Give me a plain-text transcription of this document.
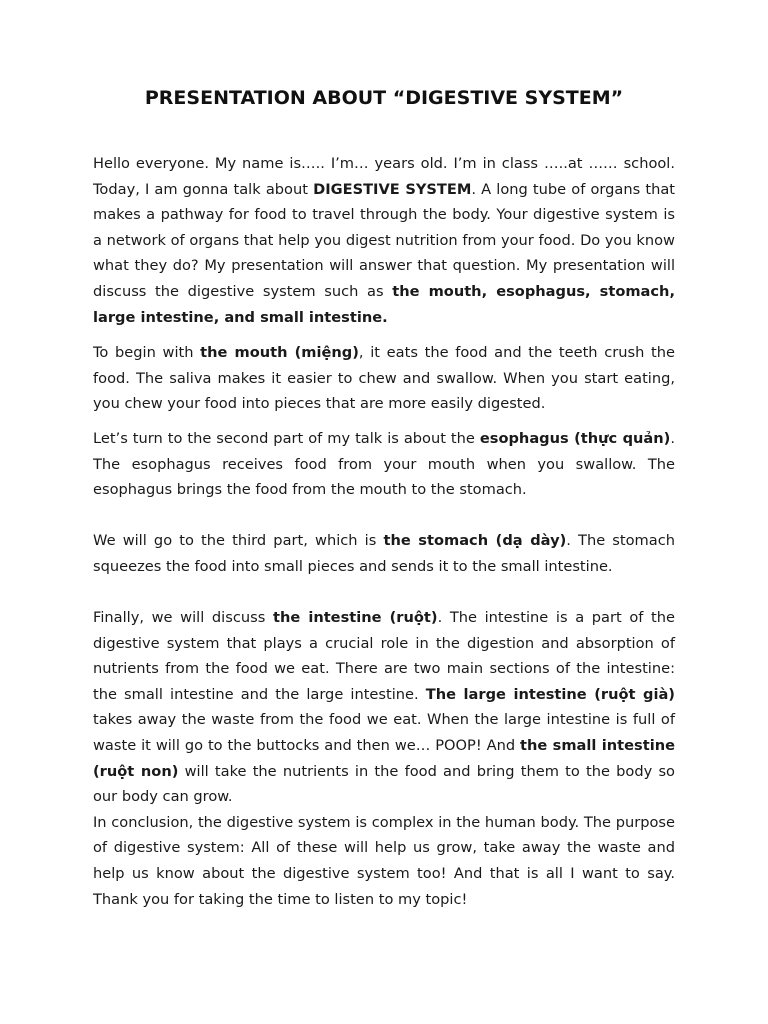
PRESENTATION ABOUT “DIGESTIVE SYSTEM”

Hello everyone. My name is….. I’m… years old. I’m in class …..at …… school. Today, I am gonna talk about DIGESTIVE SYSTEM. A long tube of organs that makes a pathway for food to travel through the body. Your digestive system is a network of organs that help you digest nutrition from your food. Do you know what they do? My presentation will answer that question. My presentation will discuss the digestive system such as the mouth, esophagus, stomach, large intestine, and small intestine.

To begin with the mouth (miệng), it eats the food and the teeth crush the food. The saliva makes it easier to chew and swallow. When you start eating, you chew your food into pieces that are more easily digested.

Let’s turn to the second part of my talk is about the esophagus (thực quản). The esophagus receives food from your mouth when you swallow. The esophagus brings the food from the mouth to the stomach.

We will go to the third part, which is the stomach (dạ dày). The stomach squeezes the food into small pieces and sends it to the small intestine.

Finally, we will discuss the intestine (ruột). The intestine is a part of the digestive system that plays a crucial role in the digestion and absorption of nutrients from the food we eat. There are two main sections of the intestine: the small intestine and the large intestine. The large intestine (ruột già) takes away the waste from the food we eat. When the large intestine is full of waste it will go to the buttocks and then we… POOP! And the small intestine (ruột non) will take the nutrients in the food and bring them to the body so our body can grow.
In conclusion, the digestive system is complex in the human body. The purpose of digestive system: All of these will help us grow, take away the waste and help us know about the digestive system too! And that is all I want to say. Thank you for taking the time to listen to my topic!
